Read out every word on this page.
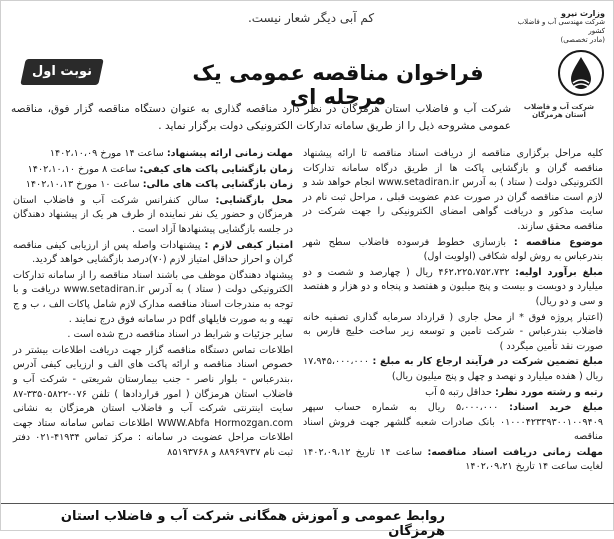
کم آبی دیگر شعار نیست.	وزارت نیرو
شرکت مهندسی آب و فاضلاب کشور
(مادر تخصصی)
شرکت آب و فاضلاب استان هرمزگان
فراخوان مناقصه عمومی یک مرحله ای
نوبت اول
شرکت آب و فاضلاب استان هرمزگان در نظر دارد مناقصه گذاری به عنوان دستگاه مناقصه گزار فوق، مناقصه عمومی مشروحه ذیل را از طریق سامانه تدارکات الکترونیکی دولت برگزار نماید .
کلیه مراحل برگزاری مناقصه از دریافت اسناد مناقصه تا ارائه پیشنهاد مناقصه گران و بازگشایی پاکت ها از طریق درگاه سامانه تدارکات الکترونیکی دولت ( ستاد ) به آدرس www.setadiran.ir انجام خواهد شد و لازم است مناقصه گران در صورت عدم عضویت قبلی ، مراحل ثبت نام در سایت مذکور و دریافت گواهی امضای الکترونیکی را جهت شرکت در مناقصه محقق سازند.
موضوع مناقصه : بازسازی خطوط فرسوده فاضلاب سطح شهر بندرعباس به روش لوله شکافی (اولویت اول)
مبلغ برآورد اولیه: ۴۶۲،۲۲۵،۷۵۲،۷۳۲ ریال ( چهارصد و شصت و دو میلیارد و دویست و بیست و پنج میلیون و هفتصد و پنجاه و دو هزار و هفتصد و سی و دو ریال)
(اعتبار پروژه فوق * از محل جاری ( قرارداد سرمایه گذاری تصفیه خانه فاضلاب بندرعباس - شرکت تامین و توسعه زیر ساخت خلیج فارس به صورت نقد تأمین میگردد )
مبلغ تضمین شرکت در فرآیند ارجاع کار به مبلغ : ۱۷،۹۴۵،۰۰۰،۰۰۰ ریال ( هفده میلیارد و نهصد و چهل و پنج میلیون ریال)
رتبه و رشته مورد نظر: حداقل رتبه ۵ آب
مبلغ خرید اسناد: ۵،۰۰۰،۰۰۰ ریال به شماره حساب سپهر ۰۱۰۰۰۴۲۳۳۹۳۰۰۱۰۰۹۴۰۹ بانک صادرات شعبه گلشهر جهت فروش اسناد مناقصه
مهلت زمانی دریافت اسناد مناقصه: ساعت ۱۴ تاریخ ۱۴۰۲،۰۹،۱۲ لغایت ساعت ۱۴ تاریخ ۱۴۰۲،۰۹،۲۱
مهلت زمانی ارائه پیشنهاد: ساعت ۱۴ مورخ ۱۴۰۲،۱۰،۰۹
زمان بازگشایی پاکت های کیفی: ساعت ۸ مورخ ۱۴۰۲،۱۰،۱۰
زمان بازگشایی پاکت های مالی: ساعت ۱۰ مورخ ۱۴۰۲،۱۰،۱۳
محل بازگشایی: سالن کنفرانس شرکت آب و فاضلاب استان هرمزگان و حضور یک نفر نماینده از طرف هر یک از پیشنهاد دهندگان در جلسه بازگشایی پیشنهادها آزاد است .
امتیاز کیفی لازم : پیشنهادات واصله پس از ارزیابی کیفی مناقصه گران و احراز حداقل امتیاز لازم (۷۰)درصد بازگشایی خواهد گردید.
پیشنهاد دهندگان موظف می باشند اسناد مناقصه را از سامانه تدارکات الکترونیکی دولت ( ستاد ) به آدرس www.setadiran.ir دریافت و با توجه به مندرجات اسناد مناقصه مدارک لازم شامل پاکات الف ، ب و ج تهیه و به صورت فایلهای pdf در سامانه فوق درج نمایند .
سایر جزئیات و شرایط در اسناد مناقصه درج شده است .
اطلاعات تماس دستگاه مناقصه گزار جهت دریافت اطلاعات بیشتر در خصوص اسناد مناقصه و ارائه پاکت های الف و ارزیابی کیفی آدرس ،بندرعباس - بلوار ناصر - جنب بیمارستان شریعتی - شرکت آب و فاضلاب استان هرمزگان ( امور قراردادها ) تلفن ۰۷۶-۳۳۵۰۵۸۲۲-۸۷ سایت اینترنتی شرکت آب و فاضلاب استان هرمزگان به نشانی WWW.Abfa Hormozgan.com اطلاعات تماس سامانه ستاد جهت اطلاعات مراحل عضویت در سامانه : مرکز تماس ۴۱۹۳۴-۰۲۱ دفتر ثبت نام ۸۸۹۶۹۷۳۷ و ۸۵۱۹۳۷۶۸
روابط عمومی و آموزش همگانی شرکت آب و فاضلاب استان هرمزگان
